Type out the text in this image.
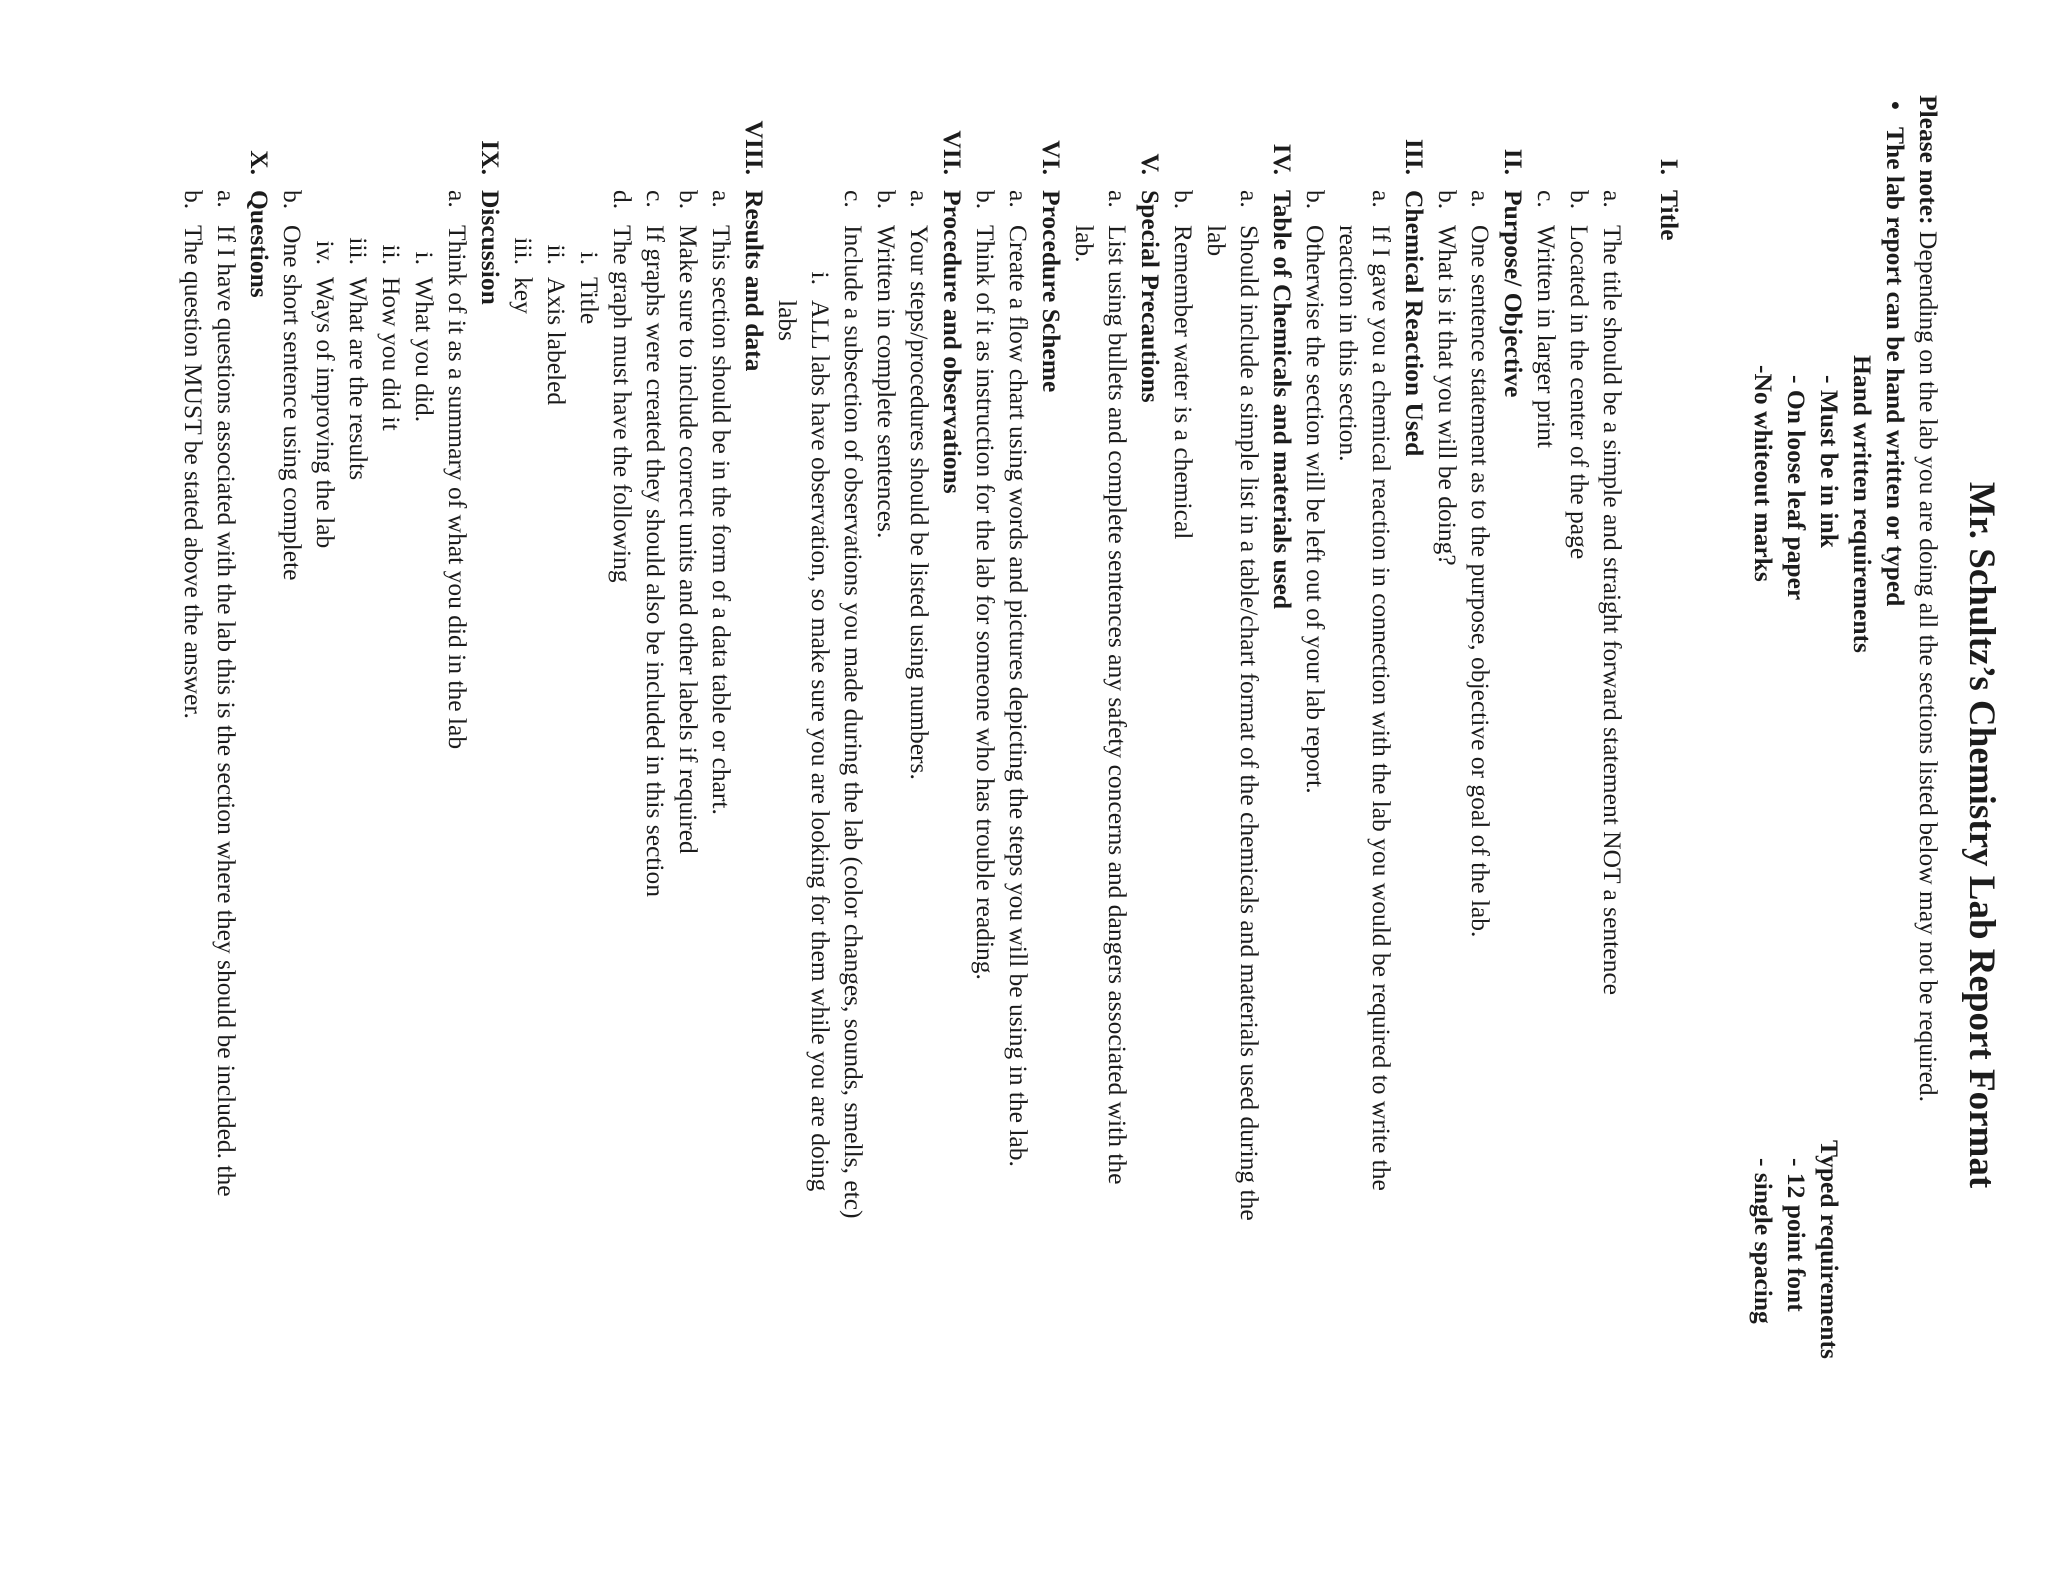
Mr. Schultz’s Chemistry Lab Report Format
Please note: Depending on the lab you are doing all the sections listed below may not be required.
•
The lab report can be hand written or typed
Hand written requirements
- Must be in ink
- On loose leaf paper
-No whiteout marks
Typed requirements
- 12 point font
- single spacing
I.
Title
a.
The title should be a simple and straight forward statement NOT a sentence
b.
Located in the center of the page
c.
Written in larger print
II.
Purpose/ Objective
a.
One sentence statement as to the purpose, objective or goal of the lab.
b.
What is it that you will be doing?
III.
Chemical Reaction Used
a.
If I gave you a chemical reaction in connection with the lab you would be required to write the
reaction in this section.
b.
Otherwise the section will be left out of your lab report.
IV.
Table of Chemicals and materials used
a.
Should include a simple list in a table/chart format of the chemicals and materials used during the
lab
b.
Remember water is a chemical
V.
Special Precautions
a.
List using bullets and complete sentences any safety concerns and dangers associated with the
lab.
VI.
Procedure Scheme
a.
Create a flow chart using words and pictures depicting the steps you will be using in the lab.
b.
Think of it as instruction for the lab for someone who has trouble reading.
VII.
Procedure and observations
a.
Your steps/procedures should be listed using numbers.
b.
Written in complete sentences.
c.
Include a subsection of observations you made during the lab (color changes, sounds, smells, etc)
i.
ALL labs have observation, so make sure you are looking for them while you are doing
labs
VIII.
Results and data
a.
This section should be in the form of a data table or chart.
b.
Make sure to include correct units and other labels if required
c.
If graphs were created they should also be included in this section
d.
The graph must have the following
i.
Title
ii.
Axis labeled
iii.
key
IX.
Discussion
a.
Think of it as a summary of what you did in the lab
i.
What you did.
ii.
How you did it
iii.
What are the results
iv.
Ways of improving the lab
b.
One short sentence using complete
X.
Questions
a.
If I have questions associated with the lab this is the section where they should be included. the
b.
The question MUST be stated above the answer.
